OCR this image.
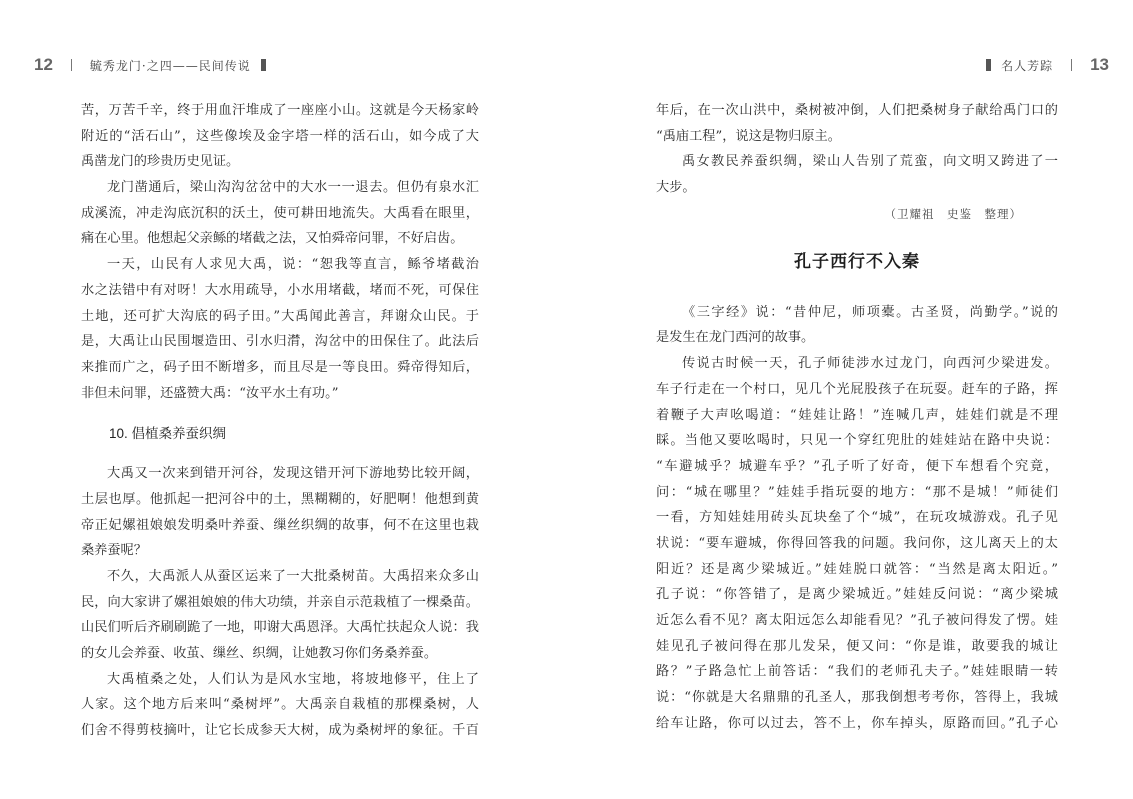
12	毓秀龙门·之四——民间传说
苦，万苦千辛，终于用血汗堆成了一座座小山。这就是今天杨家岭
附近的“活石山”，这些像埃及金字塔一样的活石山，如今成了大
禹凿龙门的珍贵历史见证。
龙门凿通后，梁山沟沟岔岔中的大水一一退去。但仍有泉水汇
成溪流，冲走沟底沉积的沃土，使可耕田地流失。大禹看在眼里，
痛在心里。他想起父亲鲧的堵截之法，又怕舜帝问罪，不好启齿。
一天，山民有人求见大禹，说：“恕我等直言，鲧爷堵截治
水之法错中有对呀！大水用疏导，小水用堵截，堵而不死，可保住
土地，还可扩大沟底的码子田。”大禹闻此善言，拜谢众山民。于
是，大禹让山民围堰造田、引水归潸，沟岔中的田保住了。此法后
来推而广之，码子田不断增多，而且尽是一等良田。舜帝得知后，
非但未问罪，还盛赞大禹：“汝平水土有功。”
10. 倡植桑养蚕织绸
大禹又一次来到错开河谷，发现这错开河下游地势比较开阔，
土层也厚。他抓起一把河谷中的土，黑糊糊的，好肥啊！他想到黄
帝正妃嫘祖娘娘发明桑叶养蚕、缫丝织绸的故事，何不在这里也栽
桑养蚕呢？
不久，大禹派人从蚕区运来了一大批桑树苗。大禹招来众多山
民，向大家讲了嫘祖娘娘的伟大功绩，并亲自示范栽植了一棵桑苗。
山民们听后齐刷刷跪了一地，叩谢大禹恩泽。大禹忙扶起众人说：我
的女儿会养蚕、收茧、缫丝、织绸，让她教习你们务桑养蚕。
大禹植桑之处，人们认为是风水宝地，将坡地修平，住上了
人家。这个地方后来叫“桑树坪”。大禹亲自栽植的那棵桑树，人
们舍不得剪枝摘叶，让它长成参天大树，成为桑树坪的象征。千百
名人芳踪 13
年后，在一次山洪中，桑树被冲倒，人们把桑树身子献给禹门口的
“禹庙工程”，说这是物归原主。
禹女教民养蚕织绸，梁山人告别了荒蛮，向文明又跨进了一
大步。
（卫耀祖　史鉴　整理）
孔子西行不入秦
《三字经》说：“昔仲尼，师项橐。古圣贤，尚勤学。”说的
是发生在龙门西河的故事。
传说古时候一天，孔子师徒涉水过龙门，向西河少梁进发。
车子行走在一个村口，见几个光屁股孩子在玩耍。赶车的子路，挥
着鞭子大声吆喝道：“娃娃让路！”连喊几声，娃娃们就是不理
睬。当他又要吆喝时，只见一个穿红兜肚的娃娃站在路中央说：
“车避城乎？城避车乎？”孔子听了好奇，便下车想看个究竟，
问：“城在哪里？”娃娃手指玩耍的地方：“那不是城！”师徒们
一看，方知娃娃用砖头瓦块垒了个“城”，在玩攻城游戏。孔子见
状说：“要车避城，你得回答我的问题。我问你，这儿离天上的太
阳近？还是离少梁城近。”娃娃脱口就答：“当然是离太阳近。”
孔子说：“你答错了，是离少梁城近。”娃娃反问说：“离少梁城
近怎么看不见？离太阳远怎么却能看见？”孔子被问得发了愣。娃
娃见孔子被问得在那儿发呆，便又问：“你是谁，敢要我的城让
路？”子路急忙上前答话：“我们的老师孔夫子。”娃娃眼睛一转
说：“你就是大名鼎鼎的孔圣人，那我倒想考考你，答得上，我城
给车让路，你可以过去，答不上，你车掉头，原路而回。”孔子心
